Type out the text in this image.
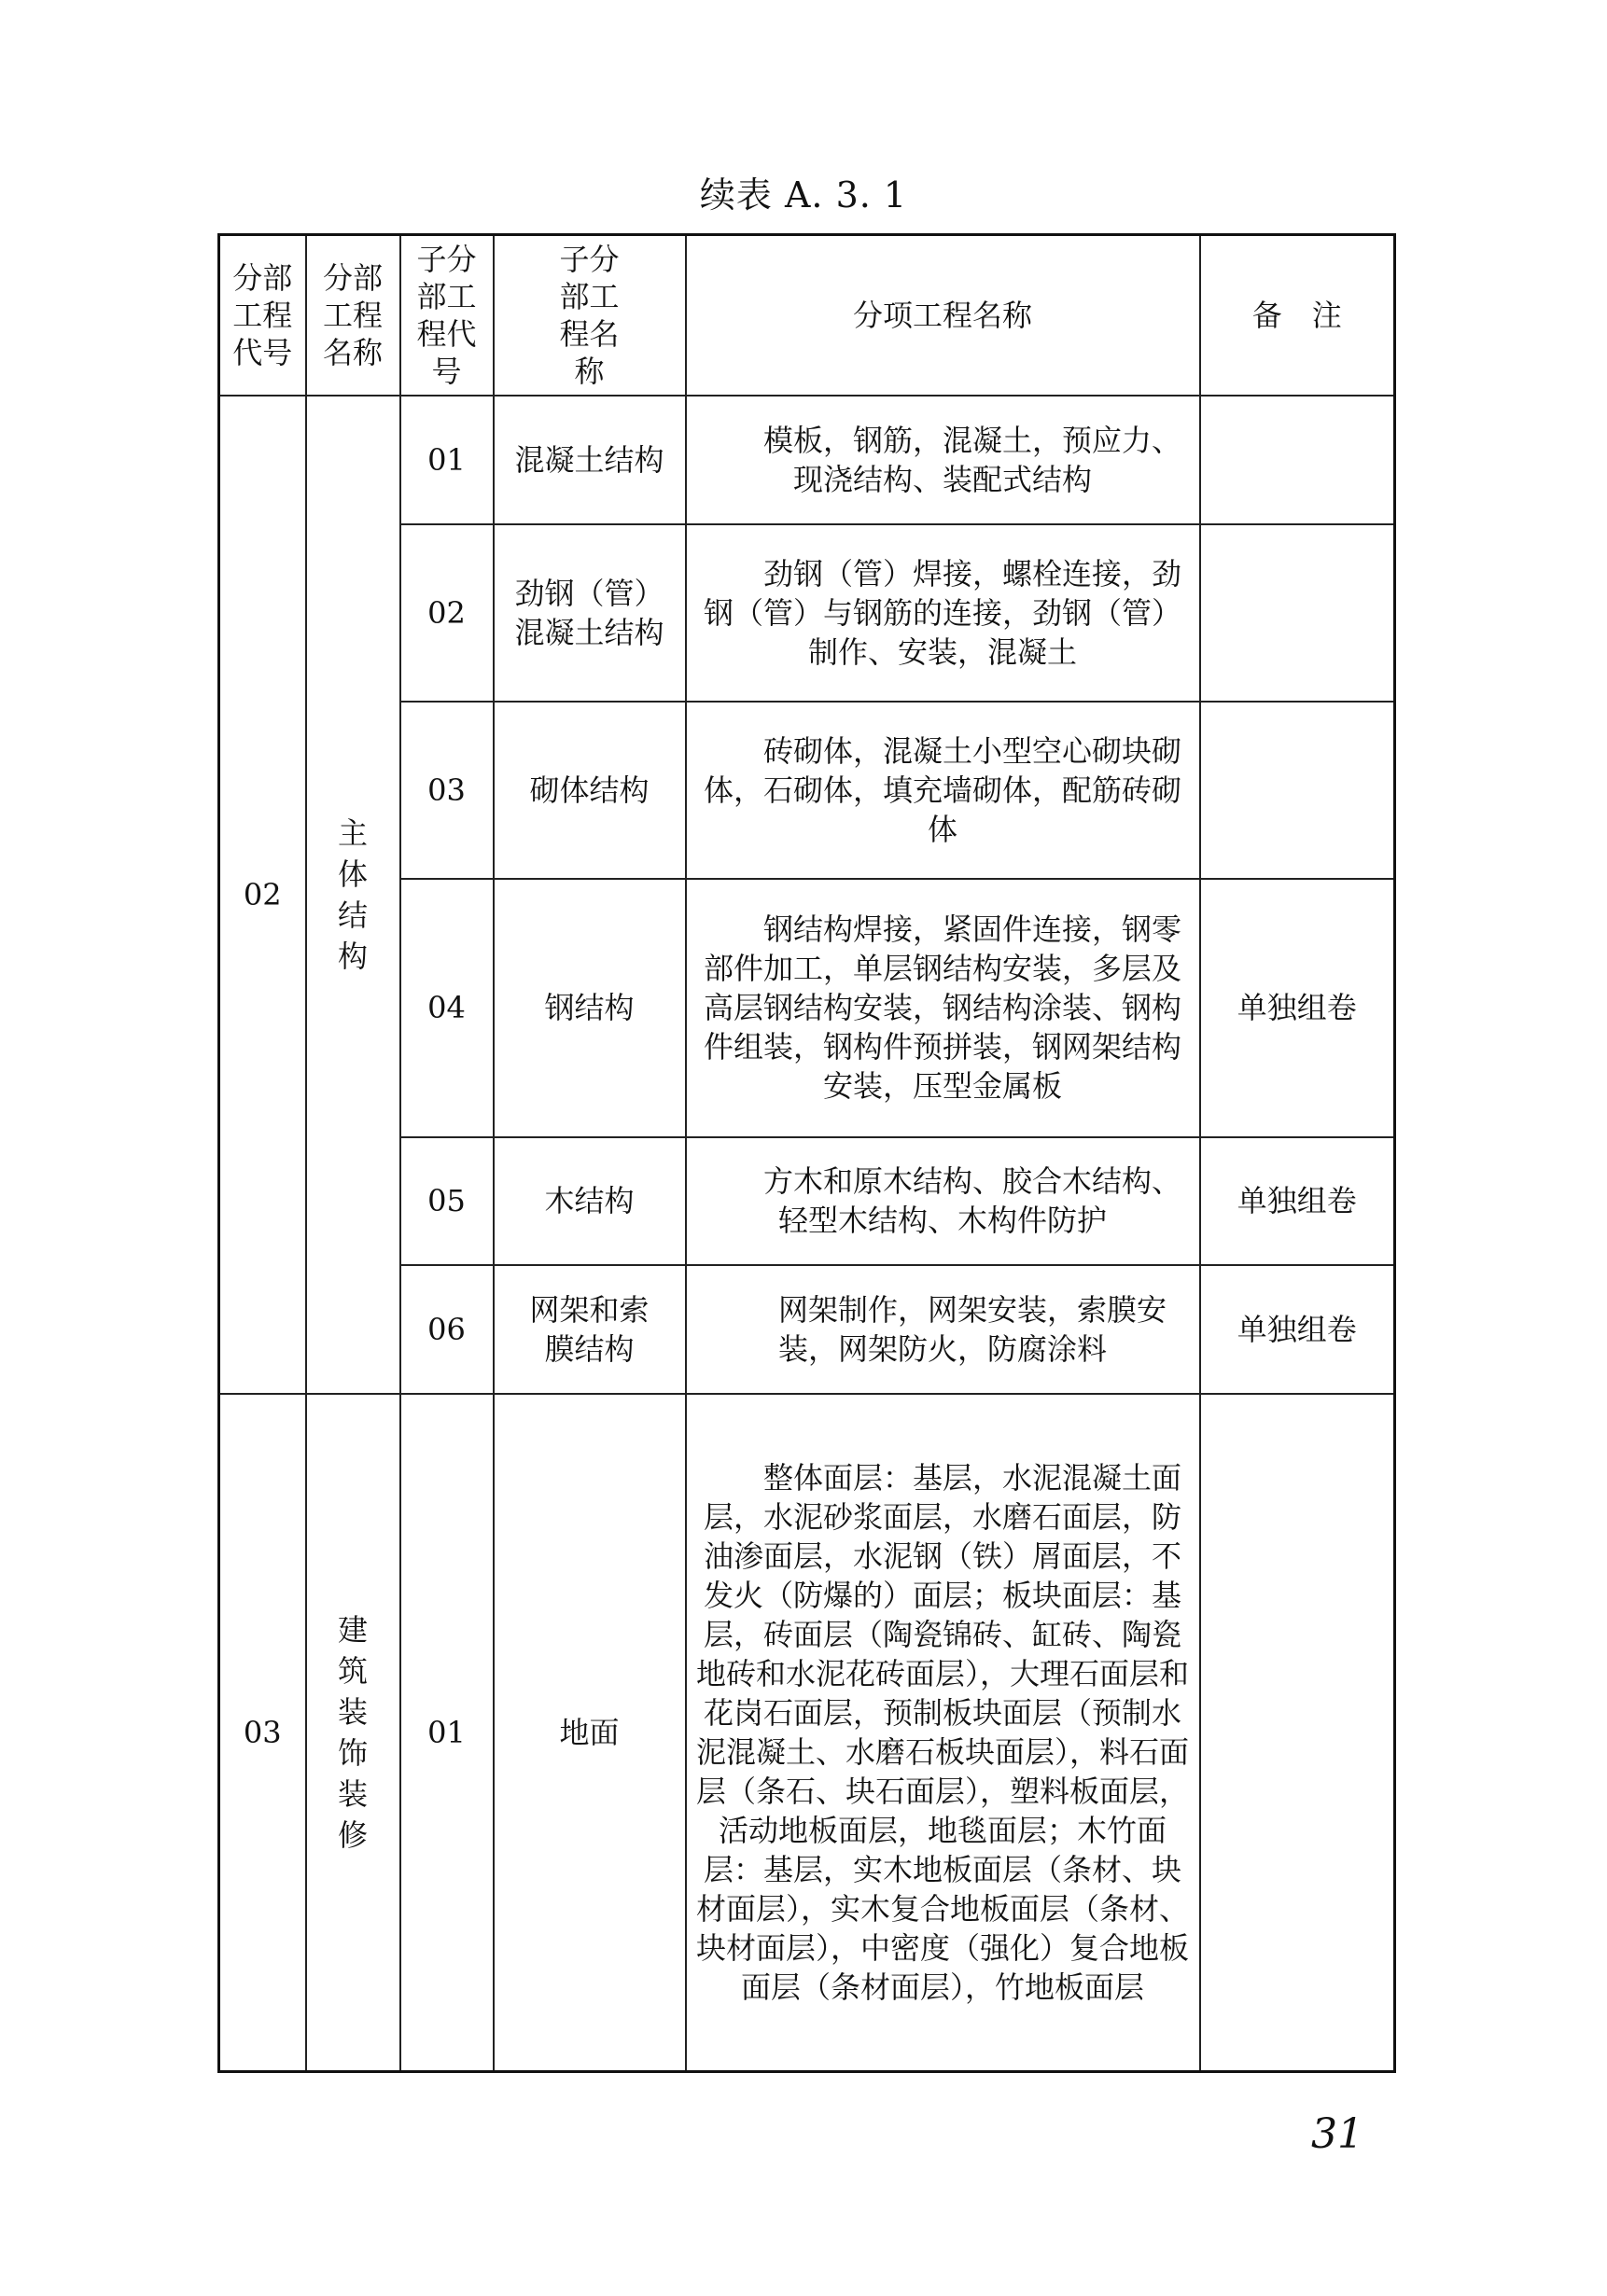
续表 A. 3. 1
分部工程代号	分部工程名称	子分部工程代号	子分部工程名称	分项工程名称	备　注
02	主体结构	01	混凝土结构	模板，钢筋，混凝土，预应力、现浇结构、装配式结构	

		02	劲钢（管）混凝土结构	劲钢（管）焊接，螺栓连接，劲钢（管）与钢筋的连接，劲钢（管）制作、安装，混凝土	

		03	砌体结构	砖砌体，混凝土小型空心砌块砌体，石砌体，填充墙砌体，配筋砖砌体	

		04	钢结构	钢结构焊接，紧固件连接，钢零部件加工，单层钢结构安装，多层及高层钢结构安装，钢结构涂装、钢构件组装，钢构件预拼装，钢网架结构安装，压型金属板	单独组卷
		05	木结构	方木和原木结构、胶合木结构、轻型木结构、木构件防护	单独组卷
		06	网架和索膜结构	网架制作，网架安装，索膜安装，网架防火，防腐涂料	单独组卷
03	建筑装饰装修	01	地面	整体面层：基层，水泥混凝土面层，水泥砂浆面层，水磨石面层，防油渗面层，水泥钢（铁）屑面层，不发火（防爆的）面层；板块面层：基层，砖面层（陶瓷锦砖、缸砖、陶瓷地砖和水泥花砖面层），大理石面层和花岗石面层，预制板块面层（预制水泥混凝土、水磨石板块面层），料石面层（条石、块石面层），塑料板面层，活动地板面层，地毯面层；木竹面层：基层，实木地板面层（条材、块材面层），实木复合地板面层（条材、块材面层），中密度（强化）复合地板面层（条材面层），竹地板面层	

31
